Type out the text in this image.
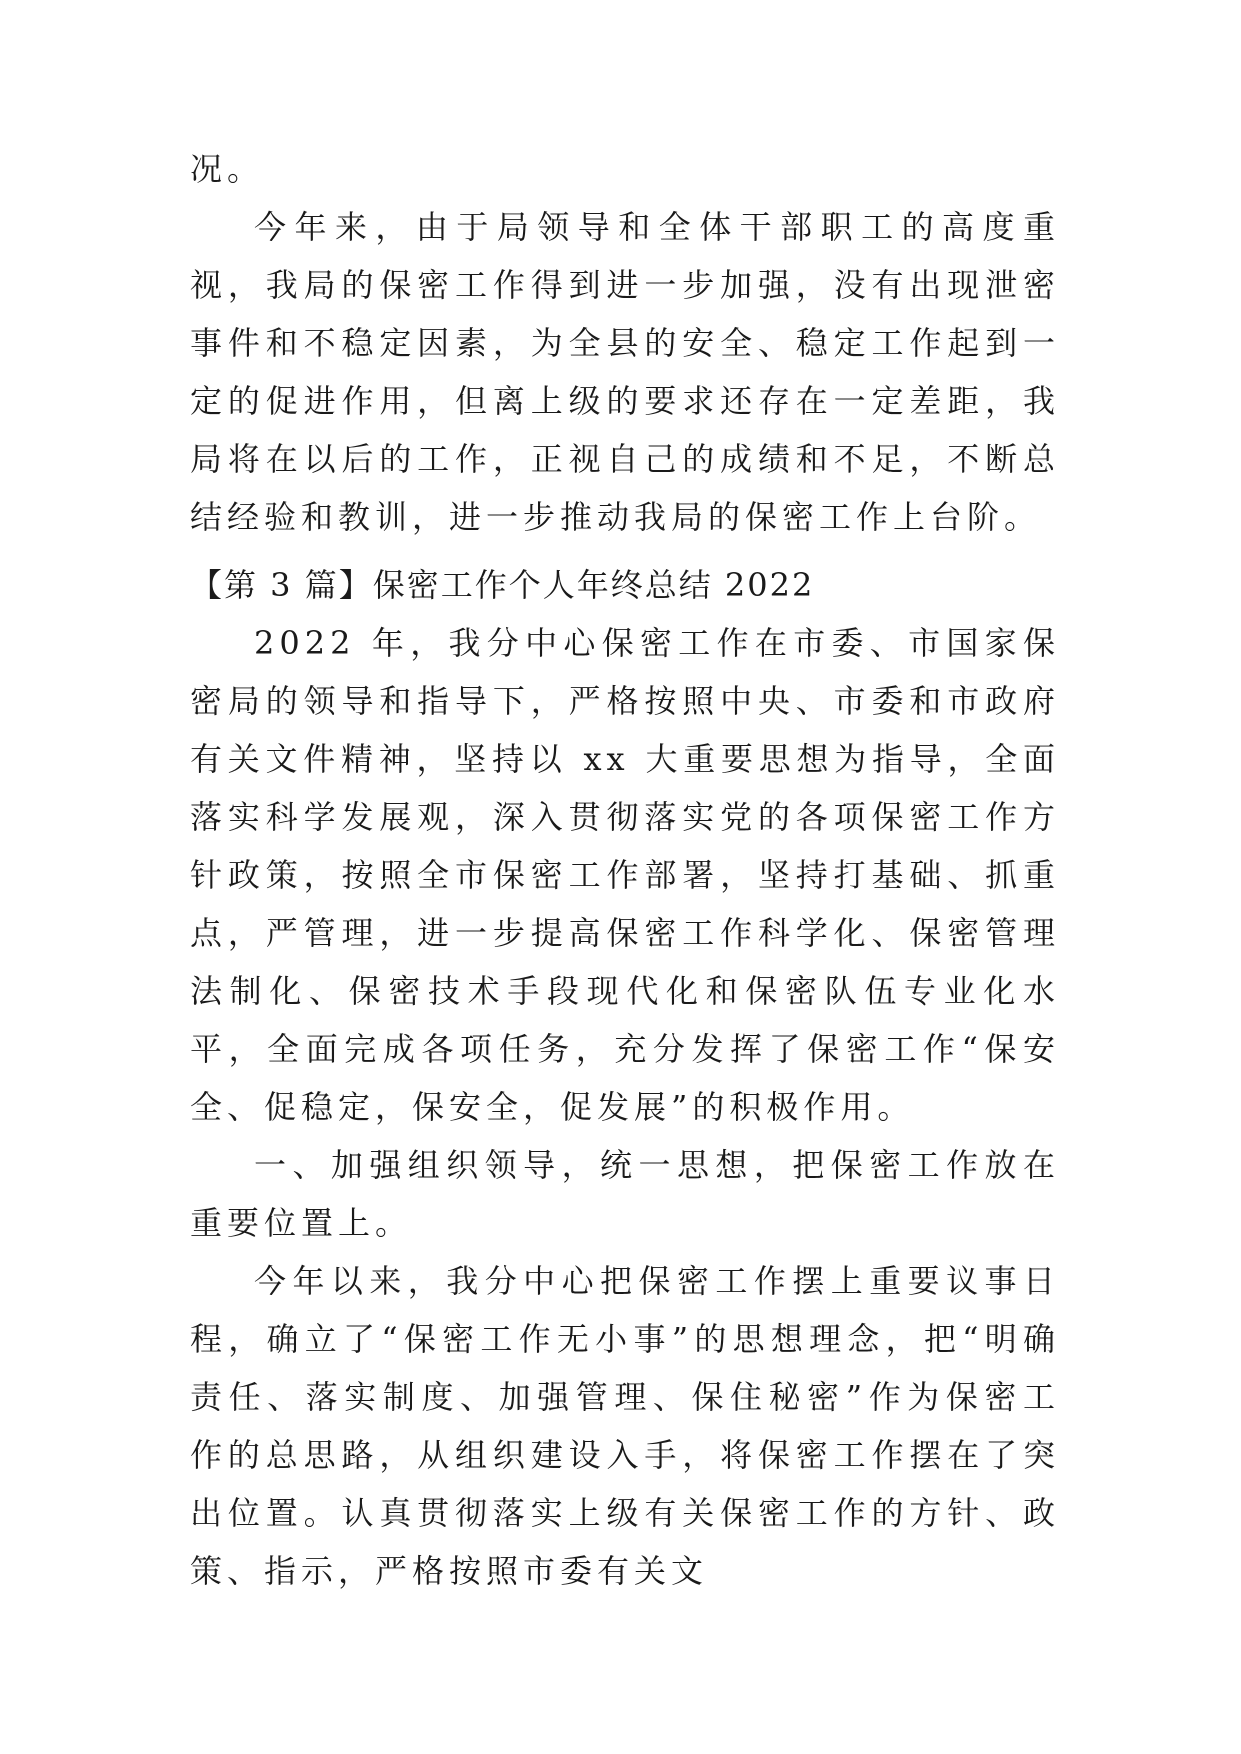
况。

今年来，由于局领导和全体干部职工的高度重视，我局的保密工作得到进一步加强，没有出现泄密事件和不稳定因素，为全县的安全、稳定工作起到一定的促进作用，但离上级的要求还存在一定差距，我局将在以后的工作，正视自己的成绩和不足，不断总结经验和教训，进一步推动我局的保密工作上台阶。

【第 3 篇】保密工作个人年终总结 2022

2022 年，我分中心保密工作在市委、市国家保密局的领导和指导下，严格按照中央、市委和市政府有关文件精神，坚持以 xx 大重要思想为指导，全面落实科学发展观，深入贯彻落实党的各项保密工作方针政策，按照全市保密工作部署，坚持打基础、抓重点，严管理，进一步提高保密工作科学化、保密管理法制化、保密技术手段现代化和保密队伍专业化水平，全面完成各项任务，充分发挥了保密工作“保安全、促稳定，保安全，促发展”的积极作用。

一、加强组织领导，统一思想，把保密工作放在重要位置上。

今年以来，我分中心把保密工作摆上重要议事日程，确立了“保密工作无小事”的思想理念，把“明确责任、落实制度、加强管理、保住秘密”作为保密工作的总思路，从组织建设入手，将保密工作摆在了突出位置。认真贯彻落实上级有关保密工作的方针、政策、指示，严格按照市委有关文
